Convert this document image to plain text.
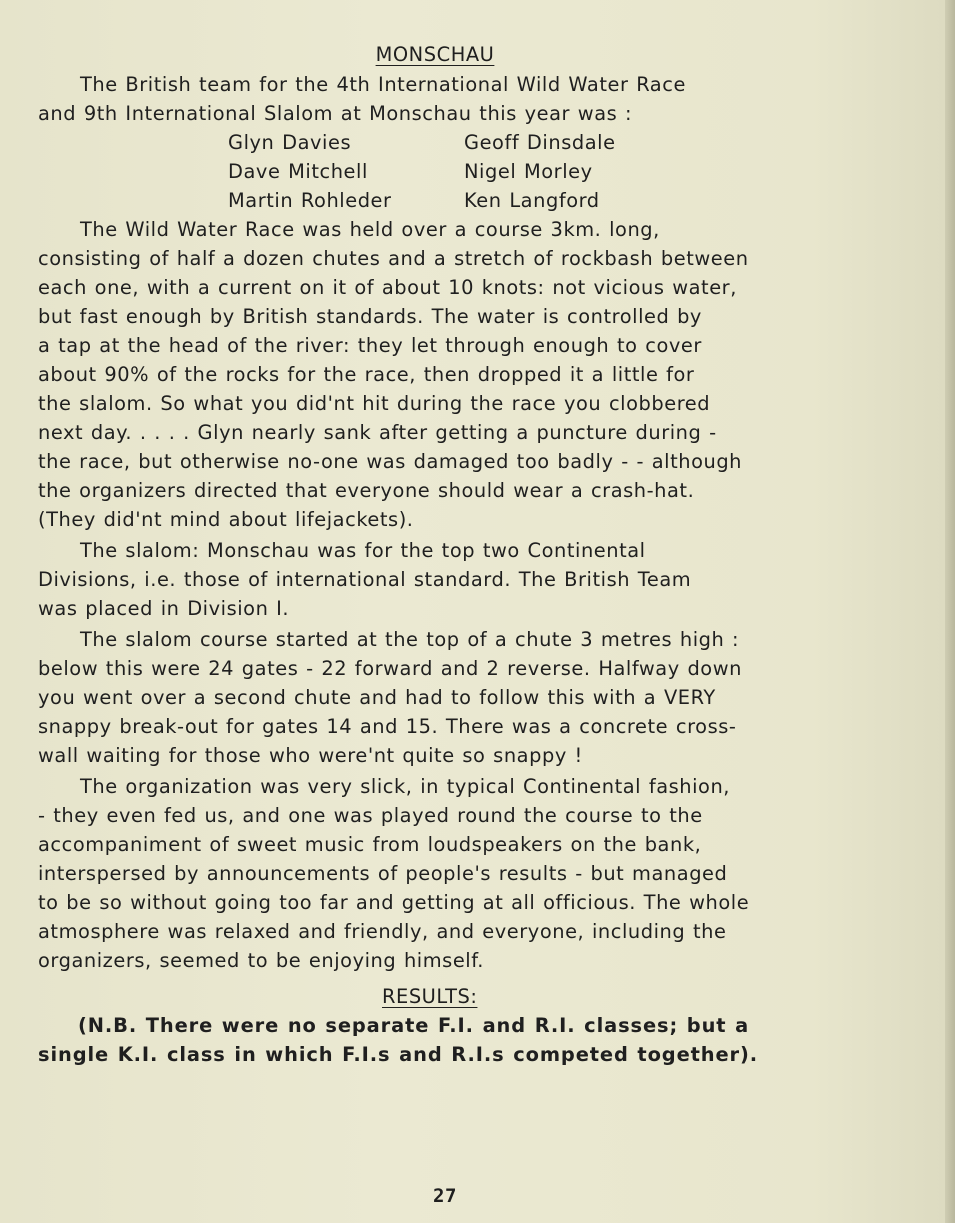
MONSCHAU
The British team for the 4th International Wild Water Race
and 9th International Slalom at Monschau this year was :
Glyn Davies	Geoff Dinsdale
Dave Mitchell	Nigel Morley
Martin Rohleder	Ken Langford
The Wild Water Race was held over a course 3km. long,
consisting of half a dozen chutes and a stretch of rockbash between
each one, with a current on it of about 10 knots: not vicious water,
but fast enough by British standards. The water is controlled by
a tap at the head of the river: they let through enough to cover
about 90% of the rocks for the race, then dropped it a little for
the slalom. So what you did'nt hit during the race you clobbered
next day. . . . . Glyn nearly sank after getting a puncture during -
the race, but otherwise no-one was damaged too badly - - although
the organizers directed that everyone should wear a crash-hat.
(They did'nt mind about lifejackets).
The slalom: Monschau was for the top two Continental
Divisions, i.e. those of international standard. The British Team
was placed in Division I.
The slalom course started at the top of a chute 3 metres high :
below this were 24 gates - 22 forward and 2 reverse. Halfway down
you went over a second chute and had to follow this with a VERY
snappy break-out for gates 14 and 15. There was a concrete cross-
wall waiting for those who were'nt quite so snappy !
The organization was very slick, in typical Continental fashion,
- they even fed us, and one was played round the course to the
accompaniment of sweet music from loudspeakers on the bank,
interspersed by announcements of people's results - but managed
to be so without going too far and getting at all officious. The whole
atmosphere was relaxed and friendly, and everyone, including the
organizers, seemed to be enjoying himself.
RESULTS:
(N.B. There were no separate F.I. and R.I. classes; but a
single K.I. class in which F.I.s and R.I.s competed together).
27
